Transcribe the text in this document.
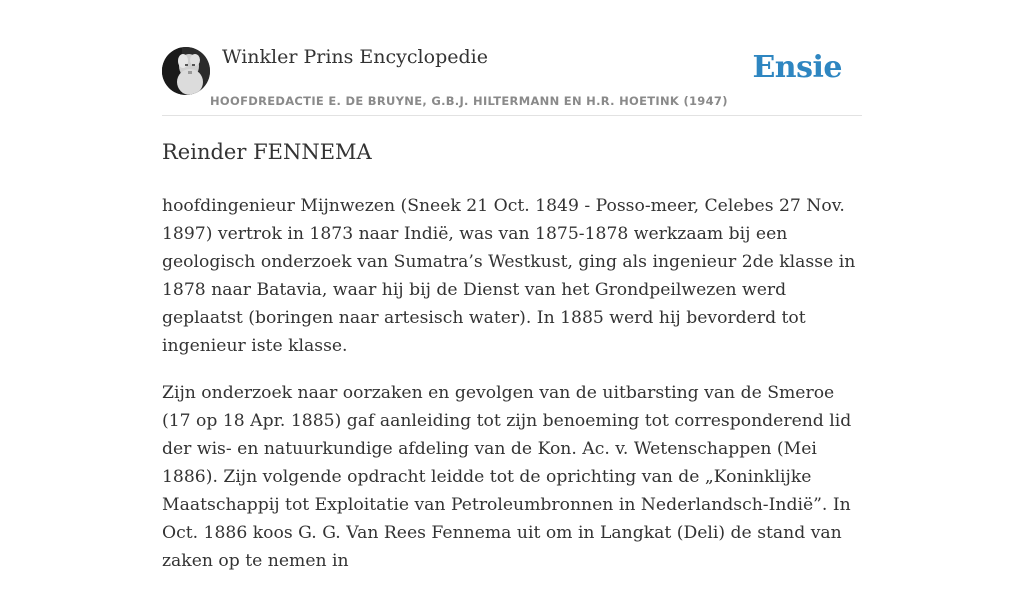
Winkler Prins Encyclopedie
HOOFDREDACTIE E. DE BRUYNE, G.B.J. HILTERMANN EN H.R. HOETINK (1947)
Ensie
Reinder FENNEMA

hoofdingenieur Mijnwezen (Sneek 21 Oct. 1849 - Posso-meer, Celebes 27 Nov. 1897) vertrok in 1873 naar Indië, was van 1875-1878 werkzaam bij een geologisch onderzoek van Sumatra’s Westkust, ging als ingenieur 2de klasse in 1878 naar Batavia, waar hij bij de Dienst van het Grondpeilwezen werd geplaatst (boringen naar artesisch water). In 1885 werd hij bevorderd tot ingenieur iste klasse.

Zijn onderzoek naar oorzaken en gevolgen van de uitbarsting van de Smeroe (17 op 18 Apr. 1885) gaf aanleiding tot zijn benoeming tot corresponderend lid der wis- en natuurkundige afdeling van de Kon. Ac. v. Wetenschappen (Mei 1886). Zijn volgende opdracht leidde tot de oprichting van de „Koninklijke Maatschappij tot Exploitatie van Petroleumbronnen in Nederlandsch-Indië”. In Oct. 1886 koos G. G. Van Rees Fennema uit om in Langkat (Deli) de stand van zaken op te nemen in
